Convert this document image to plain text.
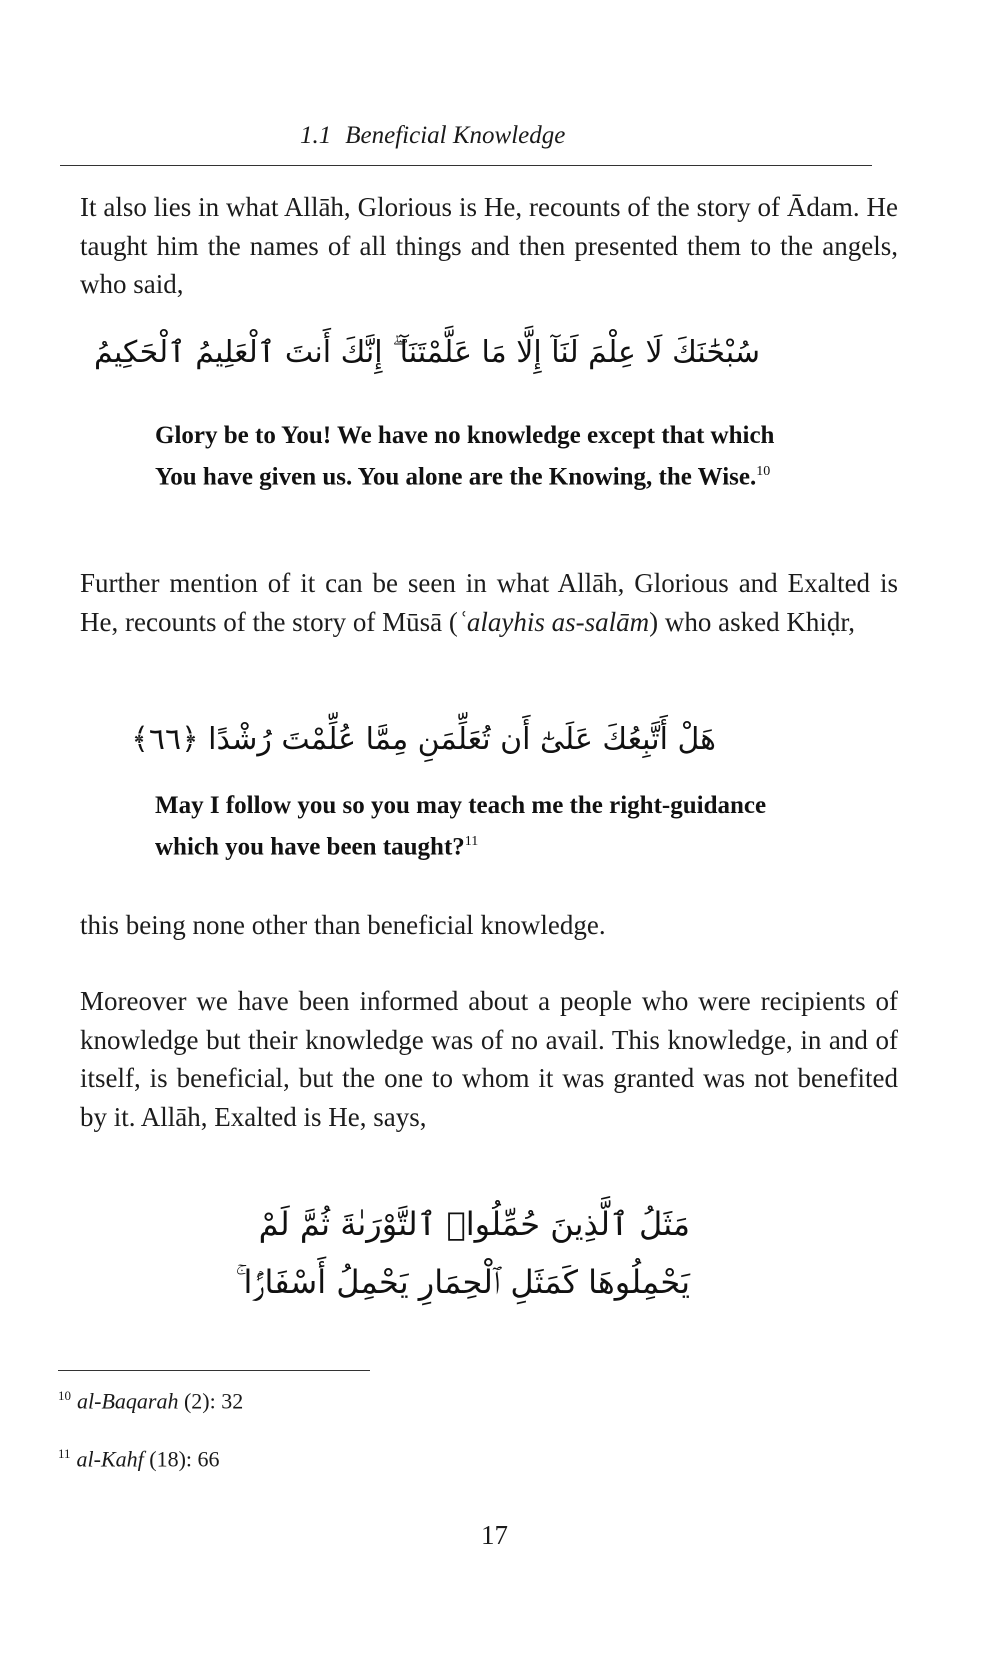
1.1 Beneficial Knowledge

It also lies in what Allāh, Glorious is He, recounts of the story of Ādam. He taught him the names of all things and then presented them to the angels, who said,

سُبْحَٰنَكَ لَا عِلْمَ لَنَآ إِلَّا مَا عَلَّمْتَنَآ ۖ إِنَّكَ أَنتَ ٱلْعَلِيمُ ٱلْحَكِيمُ

Glory be to You! We have no knowledge except that which You have given us. You alone are the Knowing, the Wise.$^{10}$

Further mention of it can be seen in what Allāh, Glorious and Exalted is He, recounts of the story of Mūsā (ʿalayhis as-salām) who asked Khiḍr,

هَلْ أَتَّبِعُكَ عَلَىٰٓ أَن تُعَلِّمَنِ مِمَّا عُلِّمْتَ رُشْدًا ﴿٦٦﴾

May I follow you so you may teach me the right-guidance which you have been taught?$^{11}$

this being none other than beneficial knowledge.

Moreover we have been informed about a people who were recipients of knowledge but their knowledge was of no avail. This knowledge, in and of itself, is beneficial, but the one to whom it was granted was not benefited by it. Allāh, Exalted is He, says,

مَثَلُ ٱلَّذِينَ حُمِّلُوا۟ ٱلتَّوْرَىٰةَ ثُمَّ لَمْ
يَحْمِلُوهَا كَمَثَلِ ٱلْحِمَارِ يَحْمِلُ أَسْفَارًۢا ۚ
$^{10}$ al-Baqarah (2): 32
$^{11}$ al-Kahf (18): 66
17
